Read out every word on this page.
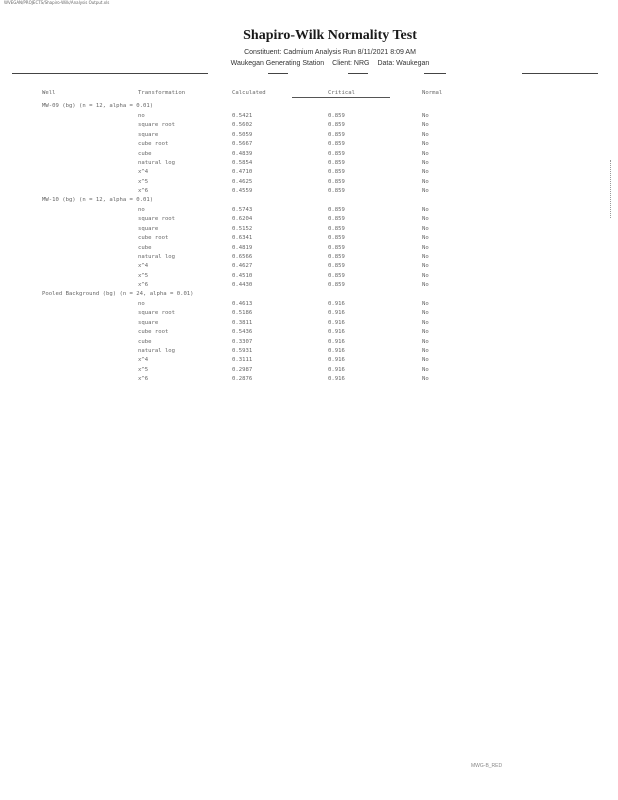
WVEGAN/PROJECTS/Shapiro-Wilk/Analysis Output.xls
Shapiro-Wilk Normality Test
Constituent: Cadmium Analysis Run 8/11/2021 8:09 AM
Waukegan Generating Station Client: NRG Data: Waukegan
Well	Transformation	Calculated	Critical	Normal
MW-09 (bg) (n = 12, alpha = 0.01)
no	0.5421	0.859	No
square root	0.5602	0.859	No
square	0.5059	0.859	No
cube root	0.5667	0.859	No
cube	0.4839	0.859	No
natural log	0.5854	0.859	No
x^4	0.4710	0.859	No
x^5	0.4625	0.859	No
x^6	0.4559	0.859	No
MW-10 (bg) (n = 12, alpha = 0.01)
no	0.5743	0.859	No
square root	0.6204	0.859	No
square	0.5152	0.859	No
cube root	0.6341	0.859	No
cube	0.4819	0.859	No
natural log	0.6566	0.859	No
x^4	0.4627	0.859	No
x^5	0.4510	0.859	No
x^6	0.4430	0.859	No
Pooled Background (bg) (n = 24, alpha = 0.01)
no	0.4613	0.916	No
square root	0.5186	0.916	No
square	0.3811	0.916	No
cube root	0.5436	0.916	No
cube	0.3307	0.916	No
natural log	0.5931	0.916	No
x^4	0.3111	0.916	No
x^5	0.2987	0.916	No
x^6	0.2876	0.916	No
MWG-B_RED
